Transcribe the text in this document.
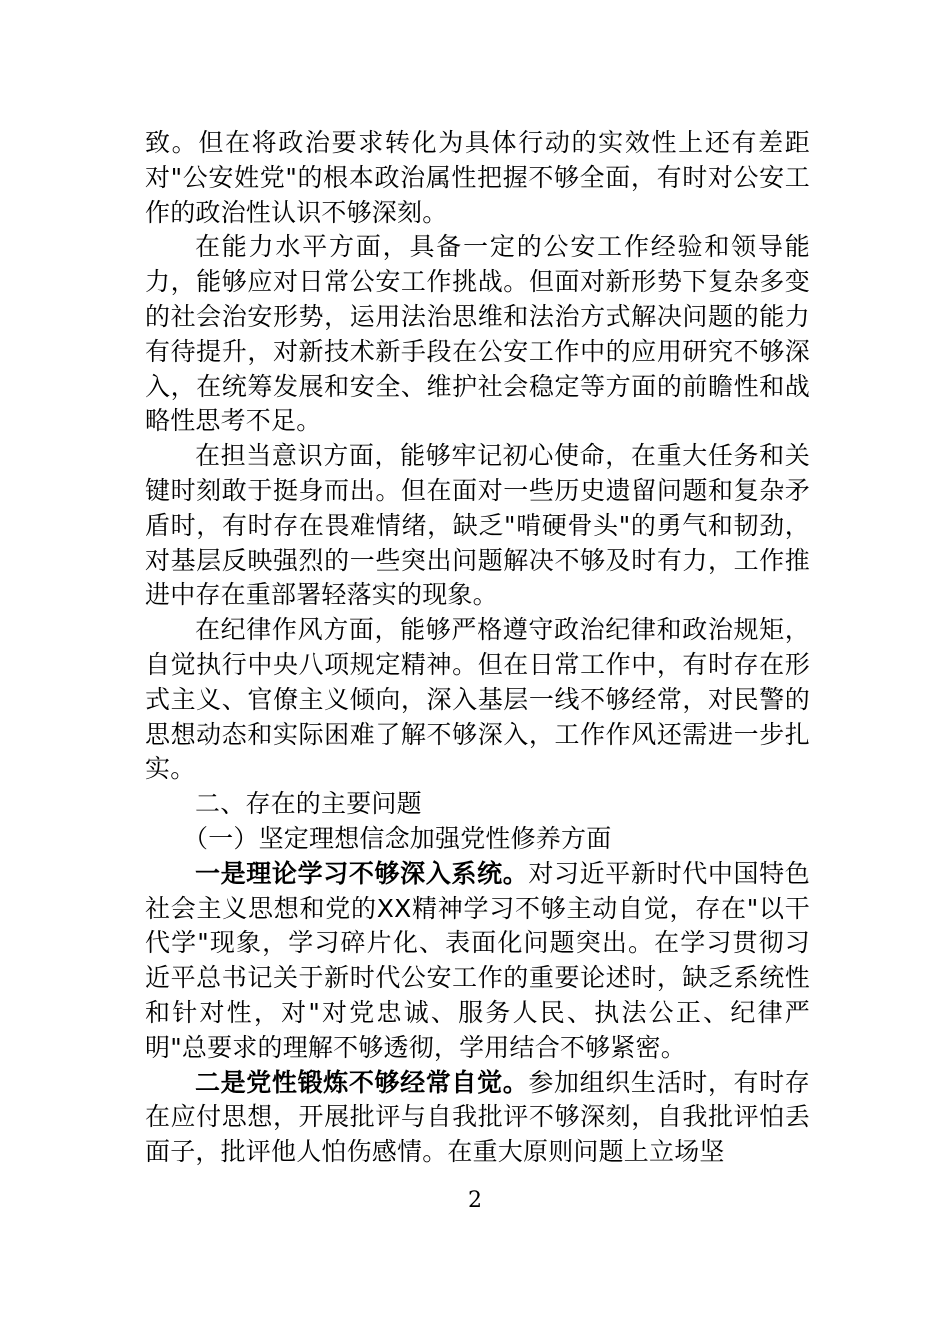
致。但在将政治要求转化为具体行动的实效性上还有差距对"公安姓党"的根本政治属性把握不够全面，有时对公安工作的政治性认识不够深刻。

在能力水平方面，具备一定的公安工作经验和领导能力，能够应对日常公安工作挑战。但面对新形势下复杂多变的社会治安形势，运用法治思维和法治方式解决问题的能力有待提升，对新技术新手段在公安工作中的应用研究不够深入，在统筹发展和安全、维护社会稳定等方面的前瞻性和战略性思考不足。

在担当意识方面，能够牢记初心使命，在重大任务和关键时刻敢于挺身而出。但在面对一些历史遗留问题和复杂矛盾时，有时存在畏难情绪，缺乏"啃硬骨头"的勇气和韧劲，对基层反映强烈的一些突出问题解决不够及时有力，工作推进中存在重部署轻落实的现象。

在纪律作风方面，能够严格遵守政治纪律和政治规矩，自觉执行中央八项规定精神。但在日常工作中，有时存在形式主义、官僚主义倾向，深入基层一线不够经常，对民警的思想动态和实际困难了解不够深入，工作作风还需进一步扎实。

二、存在的主要问题

（一）坚定理想信念加强党性修养方面

一是理论学习不够深入系统。对习近平新时代中国特色社会主义思想和党的XX精神学习不够主动自觉，存在"以干代学"现象，学习碎片化、表面化问题突出。在学习贯彻习近平总书记关于新时代公安工作的重要论述时，缺乏系统性和针对性，对"对党忠诚、服务人民、执法公正、纪律严明"总要求的理解不够透彻，学用结合不够紧密。

二是党性锻炼不够经常自觉。参加组织生活时，有时存在应付思想，开展批评与自我批评不够深刻，自我批评怕丢面子，批评他人怕伤感情。在重大原则问题上立场坚

2
